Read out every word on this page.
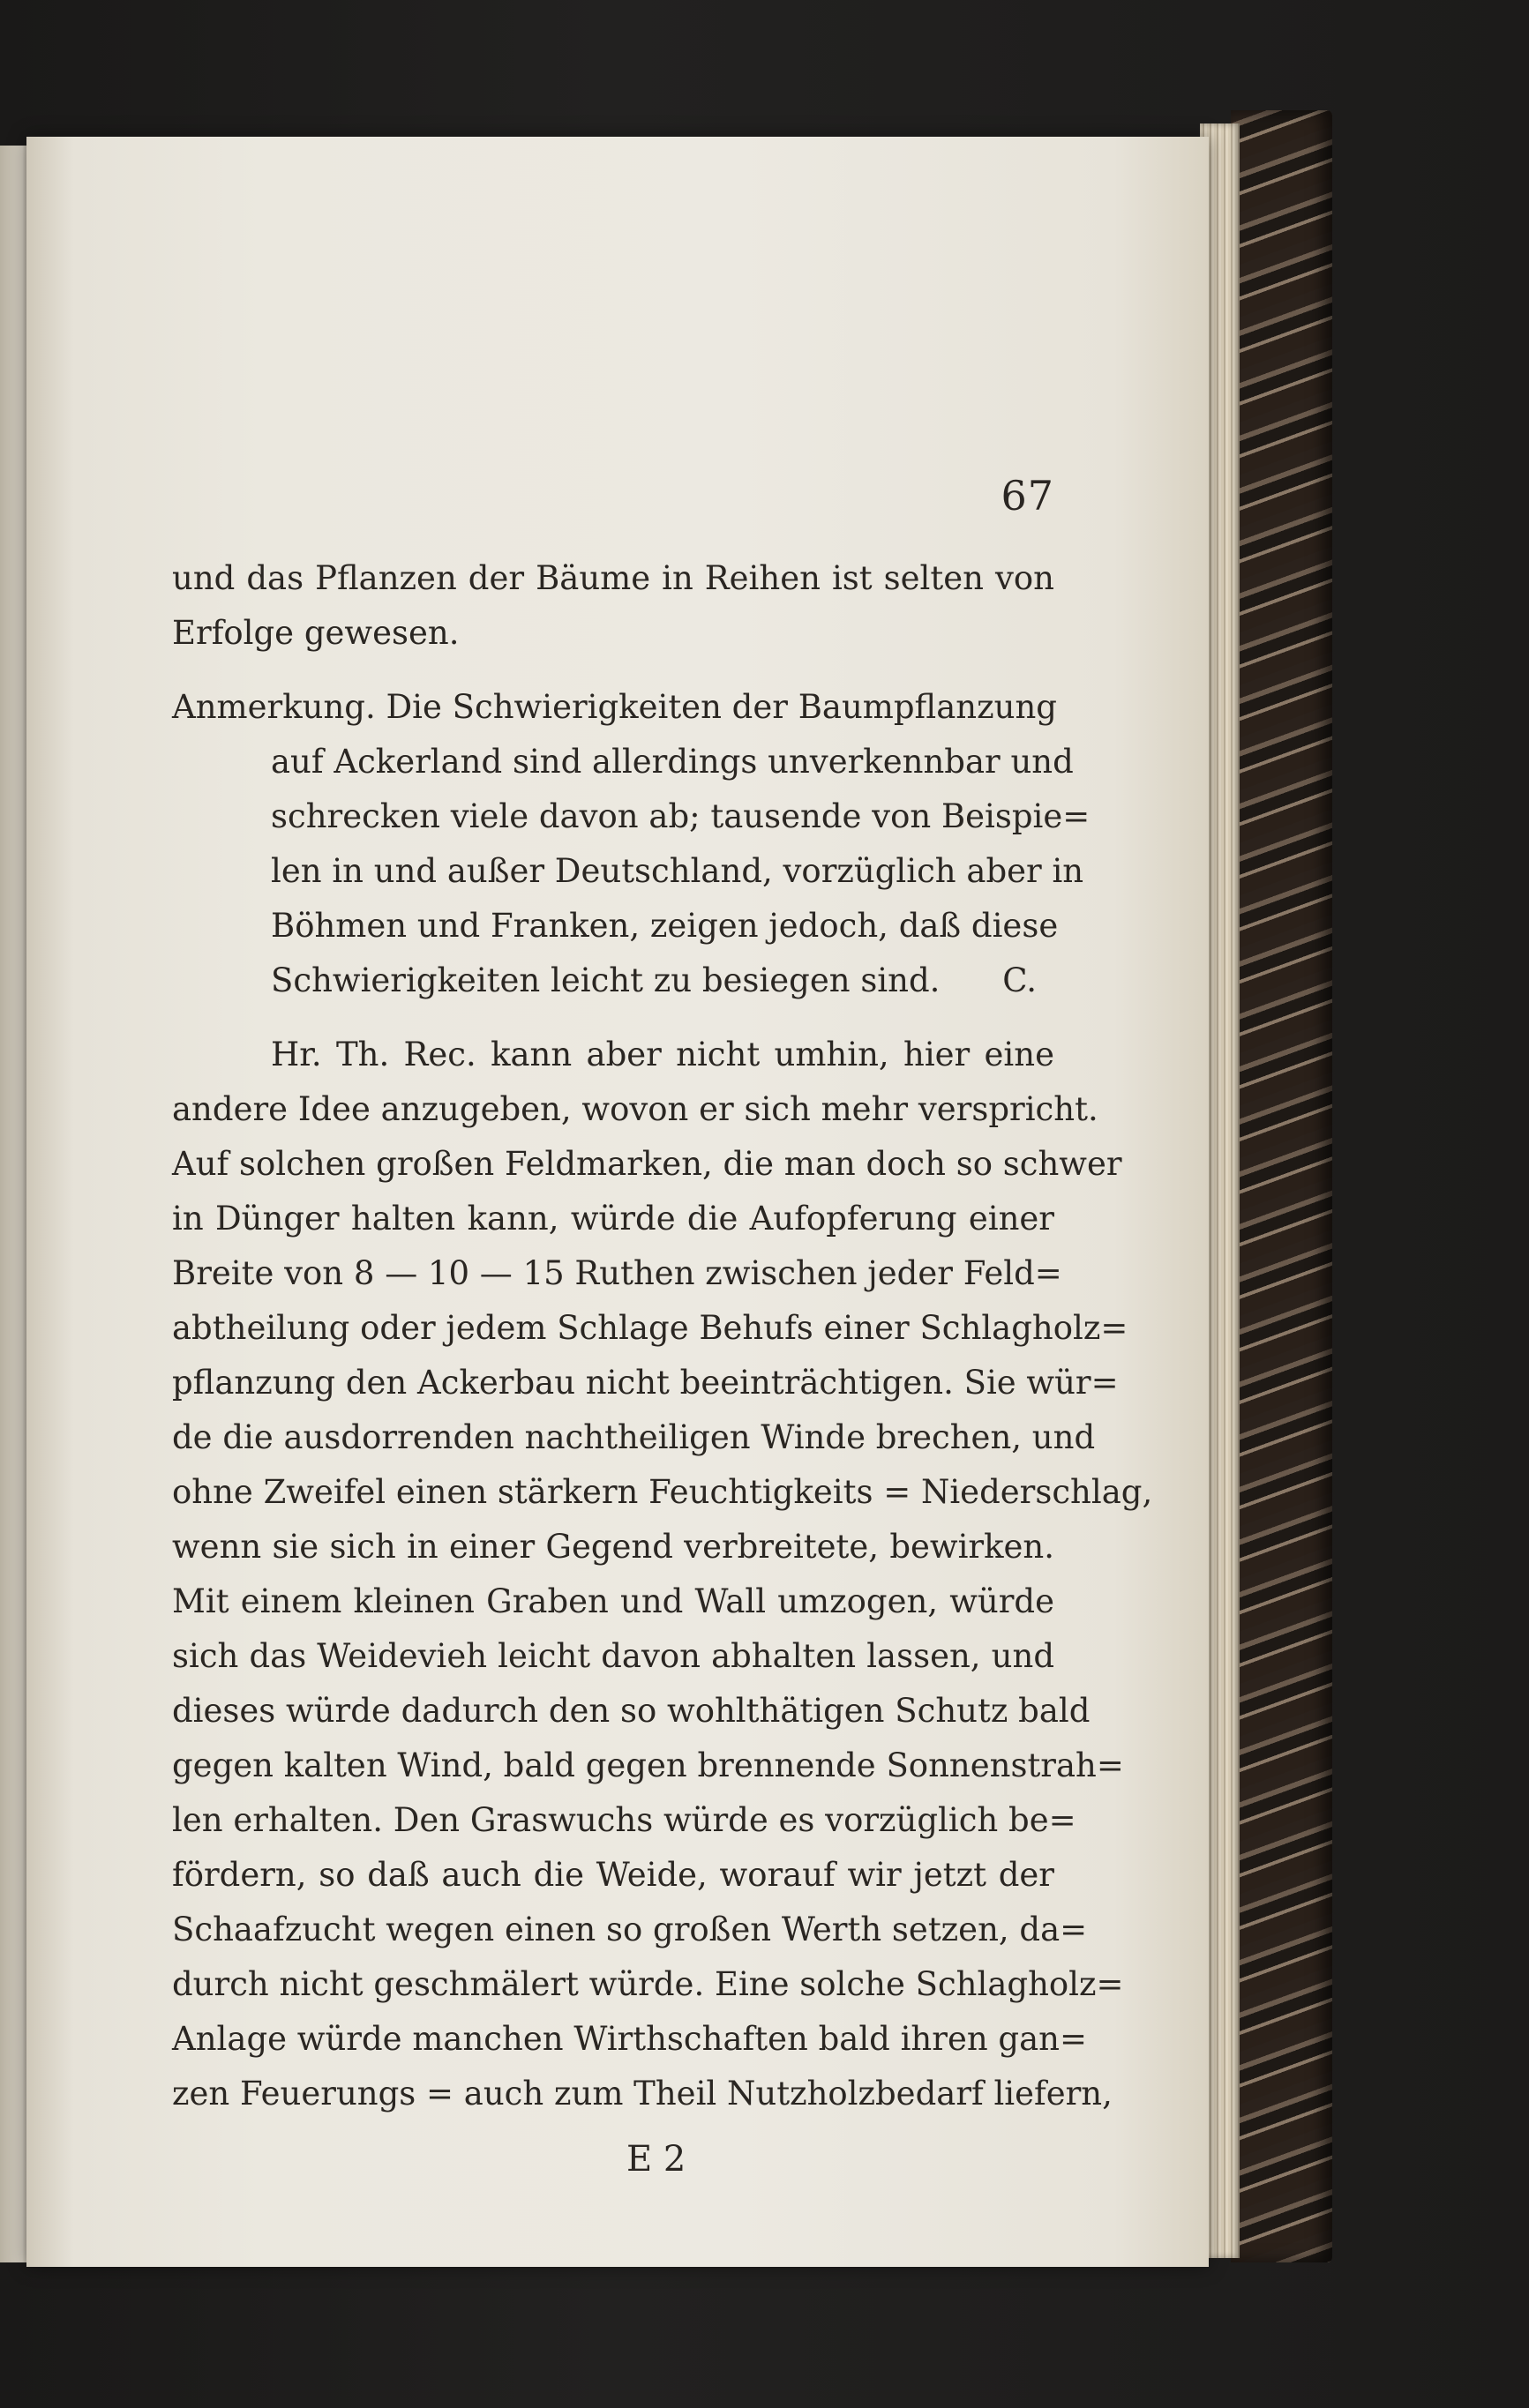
67
und das Pflanzen der Bäume in Reihen ist selten von
Erfolge gewesen.
Anmerkung. Die Schwierigkeiten der Baumpflanzung
auf Ackerland sind allerdings unverkennbar und
schrecken viele davon ab; tausende von Beispie=
len in und außer Deutschland, vorzüglich aber in
Böhmen und Franken, zeigen jedoch, daß diese
Schwierigkeiten leicht zu besiegen sind. C.
Hr. Th. Rec. kann aber nicht umhin, hier eine
andere Idee anzugeben, wovon er sich mehr verspricht.
Auf solchen großen Feldmarken, die man doch so schwer
in Dünger halten kann, würde die Aufopferung einer
Breite von 8 — 10 — 15 Ruthen zwischen jeder Feld=
abtheilung oder jedem Schlage Behufs einer Schlagholz=
pflanzung den Ackerbau nicht beeinträchtigen. Sie wür=
de die ausdorrenden nachtheiligen Winde brechen, und
ohne Zweifel einen stärkern Feuchtigkeits = Niederschlag,
wenn sie sich in einer Gegend verbreitete, bewirken.
Mit einem kleinen Graben und Wall umzogen, würde
sich das Weidevieh leicht davon abhalten lassen, und
dieses würde dadurch den so wohlthätigen Schutz bald
gegen kalten Wind, bald gegen brennende Sonnenstrah=
len erhalten. Den Graswuchs würde es vorzüglich be=
fördern, so daß auch die Weide, worauf wir jetzt der
Schaafzucht wegen einen so großen Werth setzen, da=
durch nicht geschmälert würde. Eine solche Schlagholz=
Anlage würde manchen Wirthschaften bald ihren gan=
zen Feuerungs = auch zum Theil Nutzholzbedarf liefern,
E 2
